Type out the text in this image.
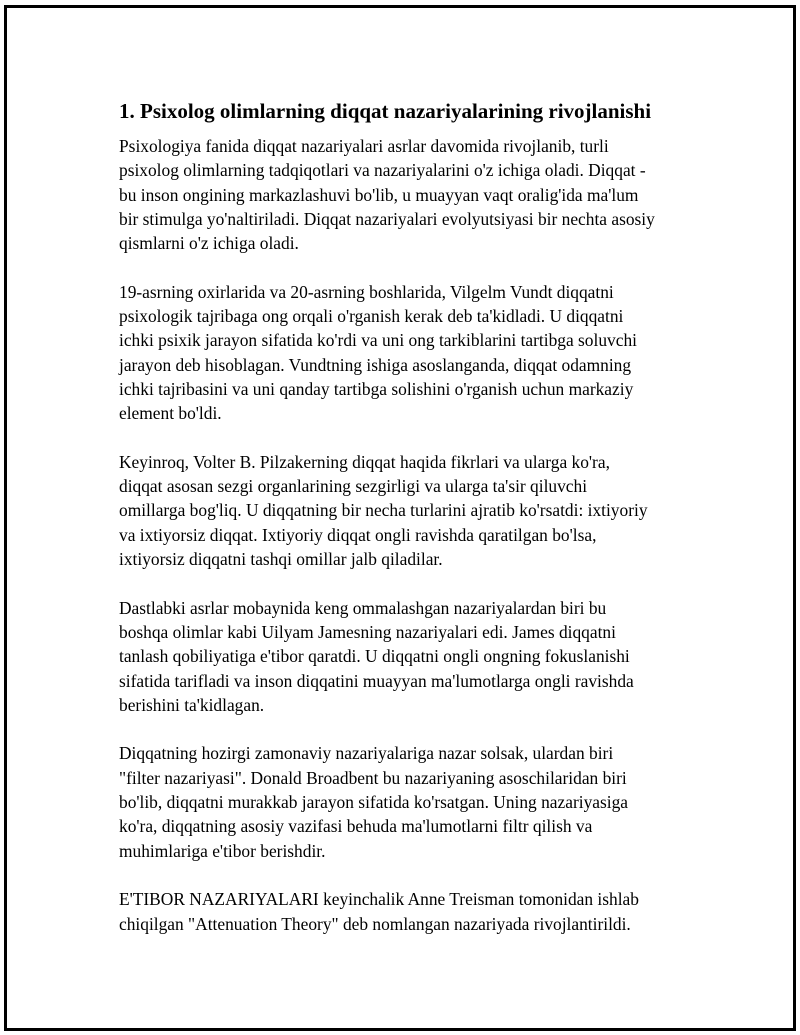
1. Psixolog olimlarning diqqat nazariyalarining rivojlanishi

Psixologiya fanida diqqat nazariyalari asrlar davomida rivojlanib, turli
psixolog olimlarning tadqiqotlari va nazariyalarini o'z ichiga oladi. Diqqat -
bu inson ongining markazlashuvi bo'lib, u muayyan vaqt oralig'ida ma'lum
bir stimulga yo'naltiriladi. Diqqat nazariyalari evolyutsiyasi bir nechta asosiy
qismlarni o'z ichiga oladi.

19-asrning oxirlarida va 20-asrning boshlarida, Vilgelm Vundt diqqatni
psixologik tajribaga ong orqali o'rganish kerak deb ta'kidladi. U diqqatni
ichki psixik jarayon sifatida ko'rdi va uni ong tarkiblarini tartibga soluvchi
jarayon deb hisoblagan. Vundtning ishiga asoslanganda, diqqat odamning
ichki tajribasini va uni qanday tartibga solishini o'rganish uchun markaziy
element bo'ldi.

Keyinroq, Volter B. Pilzakerning diqqat haqida fikrlari va ularga ko'ra,
diqqat asosan sezgi organlarining sezgirligi va ularga ta'sir qiluvchi
omillarga bog'liq. U diqqatning bir necha turlarini ajratib ko'rsatdi: ixtiyoriy
va ixtiyorsiz diqqat. Ixtiyoriy diqqat ongli ravishda qaratilgan bo'lsa,
ixtiyorsiz diqqatni tashqi omillar jalb qiladilar.

Dastlabki asrlar mobaynida keng ommalashgan nazariyalardan biri bu
boshqa olimlar kabi Uilyam Jamesning nazariyalari edi. James diqqatni
tanlash qobiliyatiga e'tibor qaratdi. U diqqatni ongli ongning fokuslanishi
sifatida tarifladi va inson diqqatini muayyan ma'lumotlarga ongli ravishda
berishini ta'kidlagan.

Diqqatning hozirgi zamonaviy nazariyalariga nazar solsak, ulardan biri
"filter nazariyasi". Donald Broadbent bu nazariyaning asoschilaridan biri
bo'lib, diqqatni murakkab jarayon sifatida ko'rsatgan. Uning nazariyasiga
ko'ra, diqqatning asosiy vazifasi behuda ma'lumotlarni filtr qilish va
muhimlariga e'tibor berishdir.

E'TIBOR NAZARIYALARI keyinchalik Anne Treisman tomonidan ishlab
chiqilgan "Attenuation Theory" deb nomlangan nazariyada rivojlantirildi.
